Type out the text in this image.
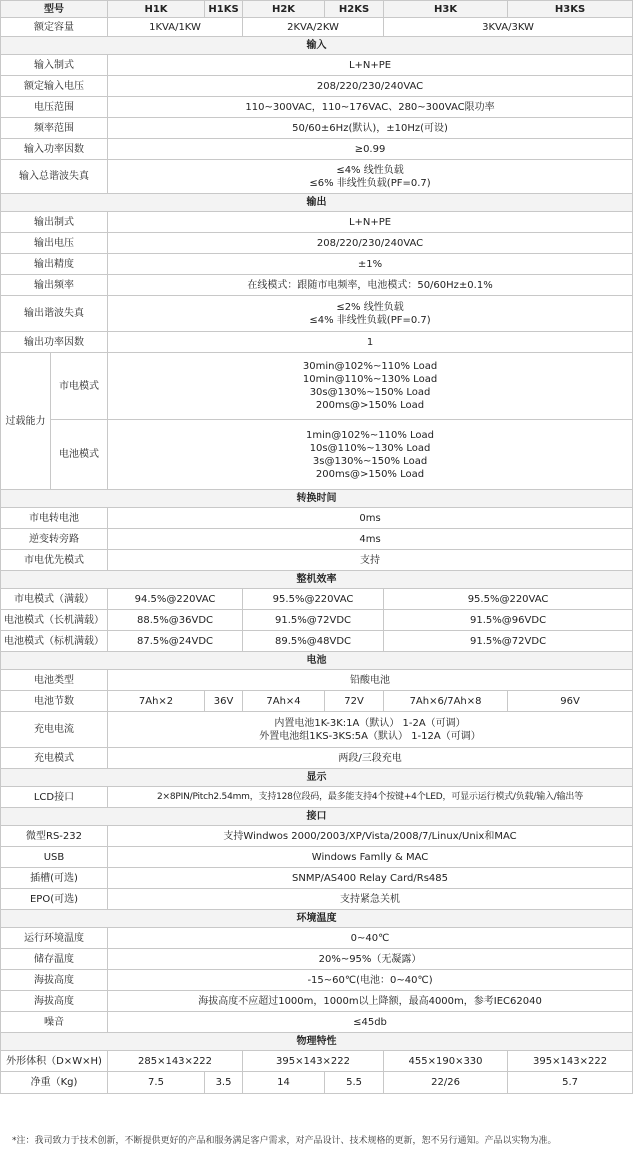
型号		H1K	H1KS	H2K	H2KS	H3K	H3KS
额定容量		1KVA/1KW		2KVA/2KW		3KVA/3KW	
输入							
输入制式		L+N+PE					
额定输入电压		208/220/230/240VAC					
电压范围		110~300VAC，110~176VAC、280~300VAC限功率					
频率范围		50/60±6Hz(默认)，±10Hz(可设)					
输入功率因数		≥0.99					
输入总谐波失真		≤4% 线性负载
≤6% 非线性负载(PF=0.7)					

输出							
输出制式		L+N+PE					
输出电压		208/220/230/240VAC					
输出精度		±1%					
输出频率		在线模式：跟随市电频率，电池模式：50/60Hz±0.1%					
输出谐波失真		≤2% 线性负载
≤4% 非线性负载(PF=0.7)					

输出功率因数		1					
过载能力	市电模式	30min@102%~110% Load
10min@110%~130% Load
30s@130%~150% Load
200ms@>150% Load					

	电池模式	1min@102%~110% Load
10s@110%~130% Load
3s@130%~150% Load
200ms@>150% Load					

转换时间							
市电转电池		0ms					
逆变转旁路		4ms					
市电优先模式		支持					
整机效率							
市电模式（满载）		94.5%@220VAC		95.5%@220VAC		95.5%@220VAC	
电池模式（长机满载）		88.5%@36VDC		91.5%@72VDC		91.5%@96VDC	
电池模式（标机满载）		87.5%@24VDC		89.5%@48VDC		91.5%@72VDC	
电池							
电池类型		铅酸电池					
电池节数		7Ah×2	36V	7Ah×4	72V	7Ah×6/7Ah×8	96V
充电电流		内置电池1K-3K:1A（默认） 1-2A（可调）
外置电池组1KS-3KS:5A（默认） 1-12A（可调）					

充电模式		两段/三段充电					
显示							
LCD接口		2×8PIN/Pitch2.54mm，支持128位段码，最多能支持4个按键+4个LED，可显示运行模式/负载/输入/输出等					
接口							
微型RS-232		支持Windwos 2000/2003/XP/Vista/2008/7/Linux/Unix和MAC					
USB		Windows Famlly & MAC					
插槽(可选)		SNMP/AS400 Relay Card/Rs485					
EPO(可选)		支持紧急关机					
环境温度							
运行环境温度		0~40℃					
储存温度		20%~95%（无凝露）					
海拔高度		-15~60℃(电池：0~40℃)					
海拔高度		海拔高度不应超过1000m，1000m以上降额，最高4000m，参考IEC62040					
噪音		≤45db					
物理特性							
外形体积（D×W×H)		285×143×222		395×143×222		455×190×330	395×143×222
净重（Kg)		7.5	3.5	14	5.5	22/26	5.7
*注：我司致力于技术创新，不断提供更好的产品和服务满足客户需求，对产品设计、技术规格的更新，恕不另行通知。产品以实物为准。
